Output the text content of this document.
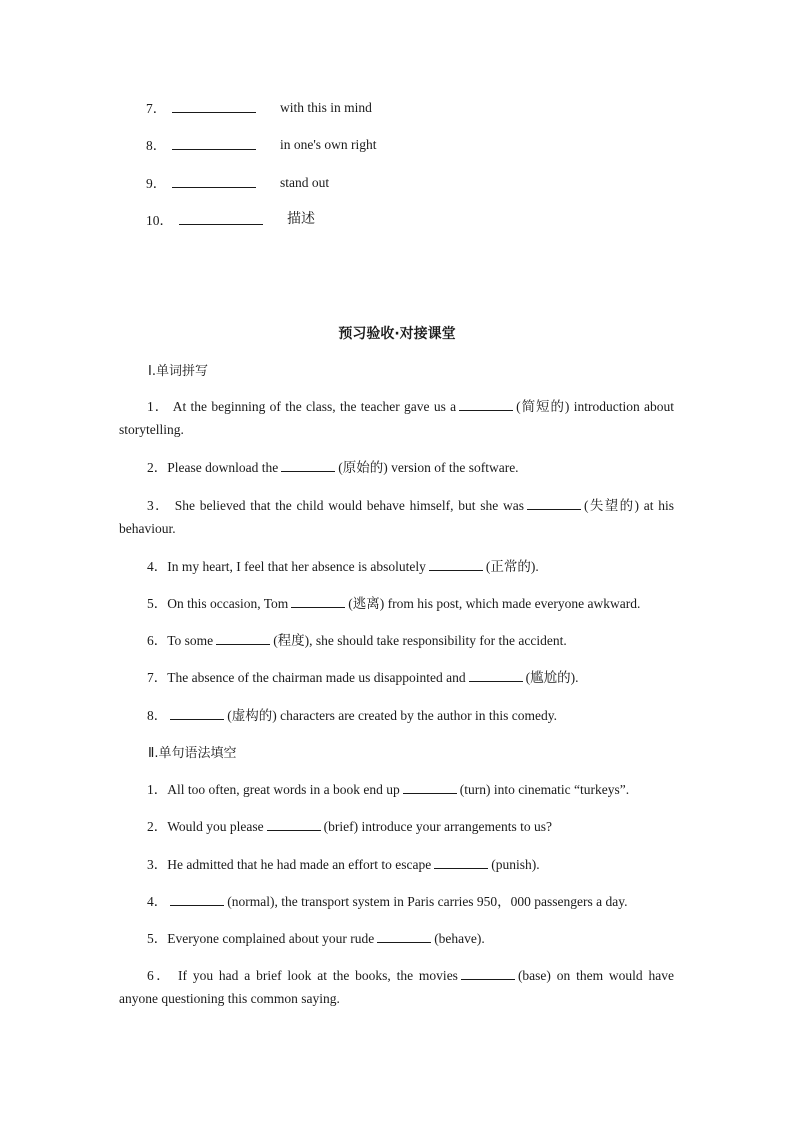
7．	with this in mind
8．	in one's own right
9．	stand out
10．	描述
预习验收·对接课堂
Ⅰ.单词拼写
1． At the beginning of the class, the teacher gave us a	(简短的) introduction about storytelling.
2．Please download the	(原始的) version of the software.
3． She believed that the child would behave himself, but she was	(失望的) at his behaviour.
4．In my heart, I feel that her absence is absolutely	(正常的).
5．On this occasion, Tom	(逃离) from his post, which made everyone awkward.
6．To some	(程度), she should take responsibility for the accident.
7．The absence of the chairman made us disappointed and	(尴尬的).
8．	(虚构的) characters are created by the author in this comedy.
Ⅱ.单句语法填空
1．All too often, great words in a book end up	(turn) into cinematic “turkeys”.
2．Would you please	(brief) introduce your arrangements to us?
3．He admitted that he had made an effort to escape	(punish).
4．	(normal), the transport system in Paris carries 950，000 passengers a day.
5．Everyone complained about your rude	(behave).
6． If you had a brief look at the books, the movies	(base) on them would have anyone questioning this common saying.
